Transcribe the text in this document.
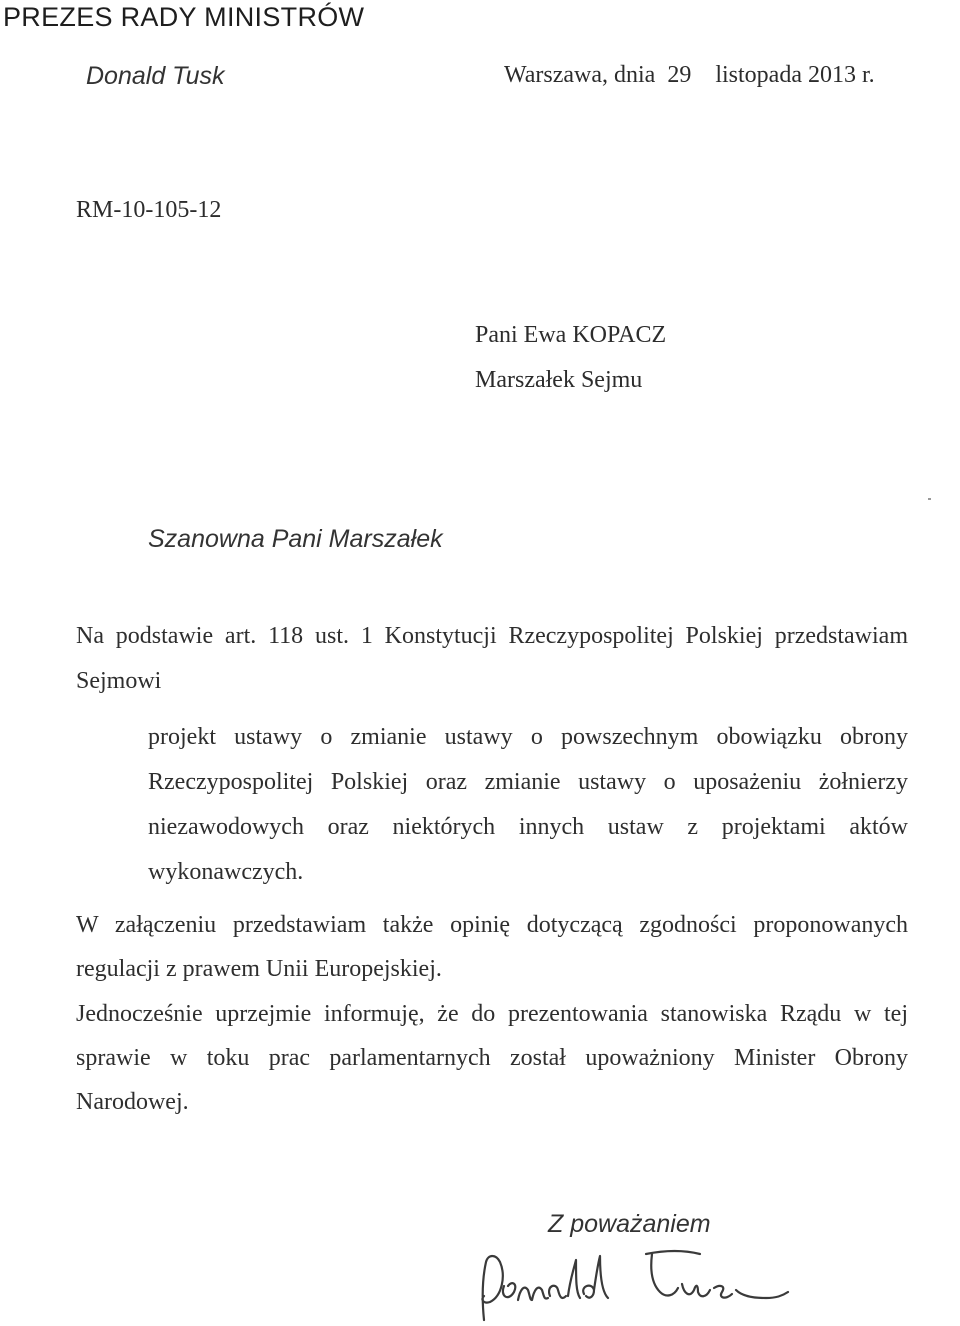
PREZES RADY MINISTRÓW
Donald Tusk	Warszawa, dnia  29    listopada 2013 r.
RM-10-105-12
Pani Ewa KOPACZ
Marszałek Sejmu
Szanowna Pani Marszałek
Na podstawie art. 118 ust. 1 Konstytucji Rzeczypospolitej Polskiej przedstawiam Sejmowi
projekt ustawy o zmianie ustawy o powszechnym obowiązku obrony Rzeczypospolitej Polskiej oraz zmianie ustawy o uposażeniu żołnierzy niezawodowych oraz niektórych innych ustaw z projektami aktów wykonawczych.
W załączeniu przedstawiam także opinię dotyczącą zgodności proponowanych regulacji z prawem Unii Europejskiej.
Jednocześnie uprzejmie informuję, że do prezentowania stanowiska Rządu w tej sprawie w toku prac parlamentarnych został upoważniony Minister Obrony Narodowej.
Z poważaniem
